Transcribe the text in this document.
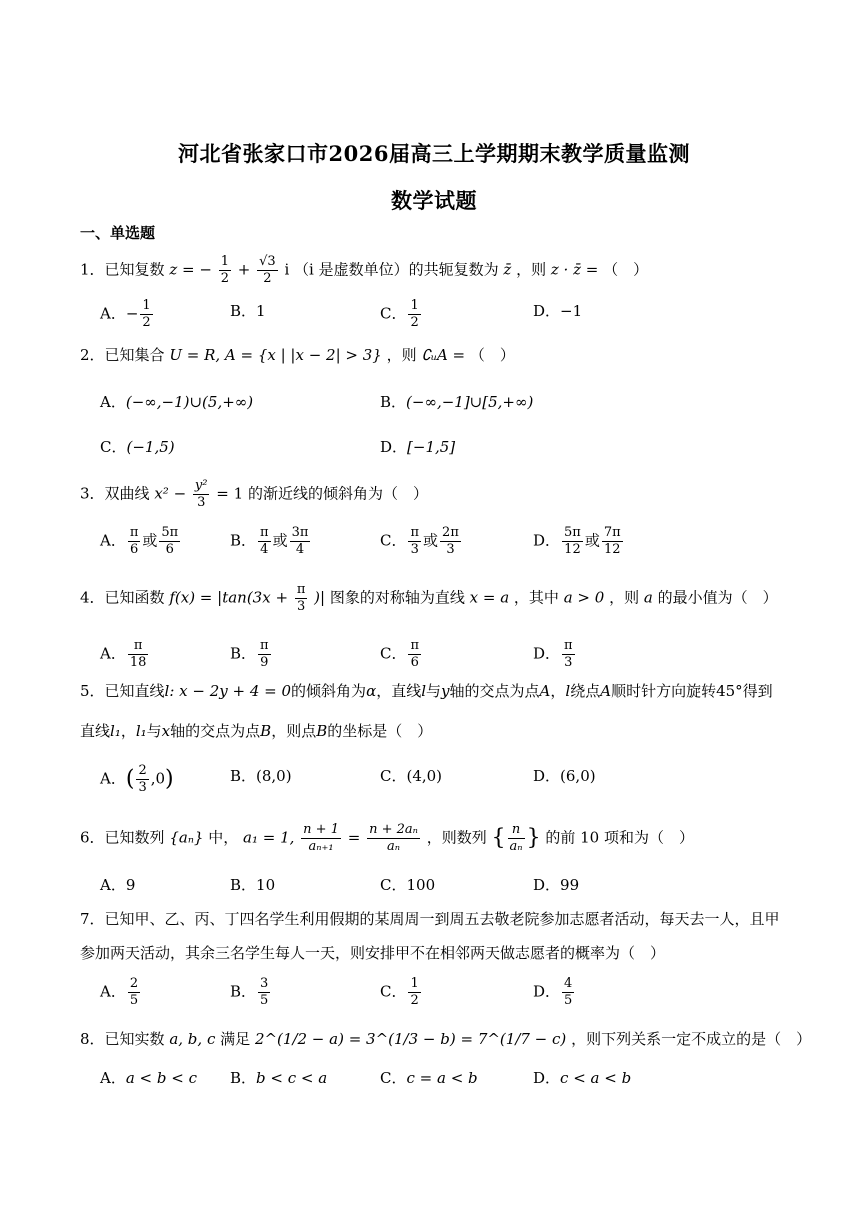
河北省张家口市2026届高三上学期期末教学质量监测
数学试题
一、单选题
1．已知复数 z = − $\frac{1}{2} + \frac{√3}{2}$ i （i 是虚数单位）的共轭复数为 z̄ ，则 z · z̄ = （　）
A．− $\frac{1}{2}$	B．1	C． $\frac{1}{2}$	D．−1
2．已知集合 U = R, A = {x | |x − 2| > 3} ，则 ∁ᵤA = （　）
A．(−∞,−1)∪(5,+∞)	B．(−∞,−1]∪[5,+∞)
C．(−1,5)	D．[−1,5]
3．双曲线 $x^2 - \frac{\text{y²}}{3} = 1$ 的渐近线的倾斜角为（　）
A． $\frac{\pi}{6}$ 或 $\frac{5\pi}{6}$	B． $\frac{\pi}{4}$ 或 $\frac{3\pi}{4}$	C． $\frac{\pi}{3}$ 或 $\frac{2\pi}{3}$	D． $\frac{5\pi}{12}$ 或 $\frac{7\pi}{12}$
4．已知函数 $f(x) = |\tan(3x + \frac{\pi}{3}$ )| 图象的对称轴为直线 x = a ，其中 a > 0 ，则 a 的最小值为（　）
A． $\frac{\pi}{18}$	B． $\frac{\pi}{9}$	C． $\frac{\pi}{6}$	D． $\frac{\pi}{3}$
5．已知直线l: x − 2y + 4 = 0的倾斜角为α，直线l与y轴的交点为点A，l绕点A顺时针方向旋转45°得到
直线l₁，l₁与x轴的交点为点B，则点B的坐标是（　）
A．( $\frac{2}{3} ,0$)	B．(8,0)	C．(4,0)	D．(6,0)
6．已知数列 {aₙ} 中， a₁ = 1, $\frac{n + 1}{\text{aₙ₊₁}} = \frac{\text{n + 2aₙ}}{\text{aₙ}}$ ，则数列 { $\frac{n}{\text{aₙ}}$ } 的前 10 项和为（　）
A．9	B．10	C．100	D．99
7．已知甲、乙、丙、丁四名学生利用假期的某周周一到周五去敬老院参加志愿者活动，每天去一人，且甲
参加两天活动，其余三名学生每人一天，则安排甲不在相邻两天做志愿者的概率为（　）
A． $\frac{2}{5}$	B． $\frac{3}{5}$	C． $\frac{1}{2}$	D． $\frac{4}{5}$
8．已知实数 a, b, c 满足 2^(1/2 − a) = 3^(1/3 − b) = 7^(1/7 − c) ，则下列关系一定不成立的是（　）
A．a < b < c B．b < c < a	C．c = a < b	D．c < a < b
